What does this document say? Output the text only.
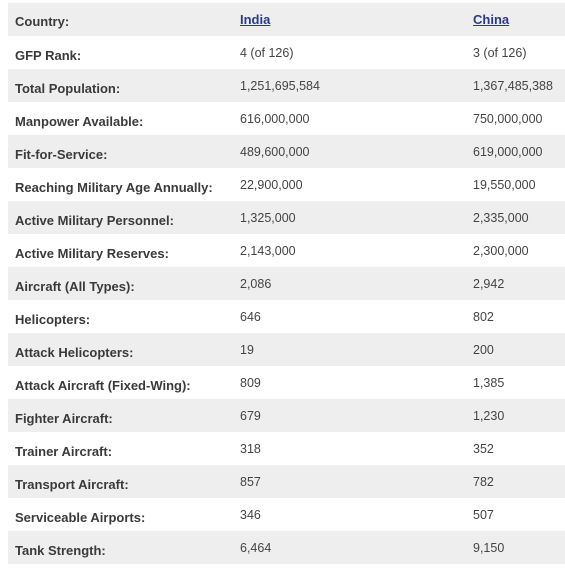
Country:	India	China
GFP Rank:	4 (of 126)	3 (of 126)
Total Population:	1,251,695,584	1,367,485,388
Manpower Available:	616,000,000	750,000,000
Fit-for-Service:	489,600,000	619,000,000
Reaching Military Age Annually: 22,900,000	19,550,000
Active Military Personnel:	1,325,000	2,335,000
Active Military Reserves:	2,143,000	2,300,000
Aircraft (All Types):	2,086	2,942
Helicopters:	646	802
Attack Helicopters:	19	200
Attack Aircraft (Fixed-Wing):	809	1,385
Fighter Aircraft:	679	1,230
Trainer Aircraft:	318	352
Transport Aircraft:	857	782
Serviceable Airports:	346	507
Tank Strength:	6,464	9,150
